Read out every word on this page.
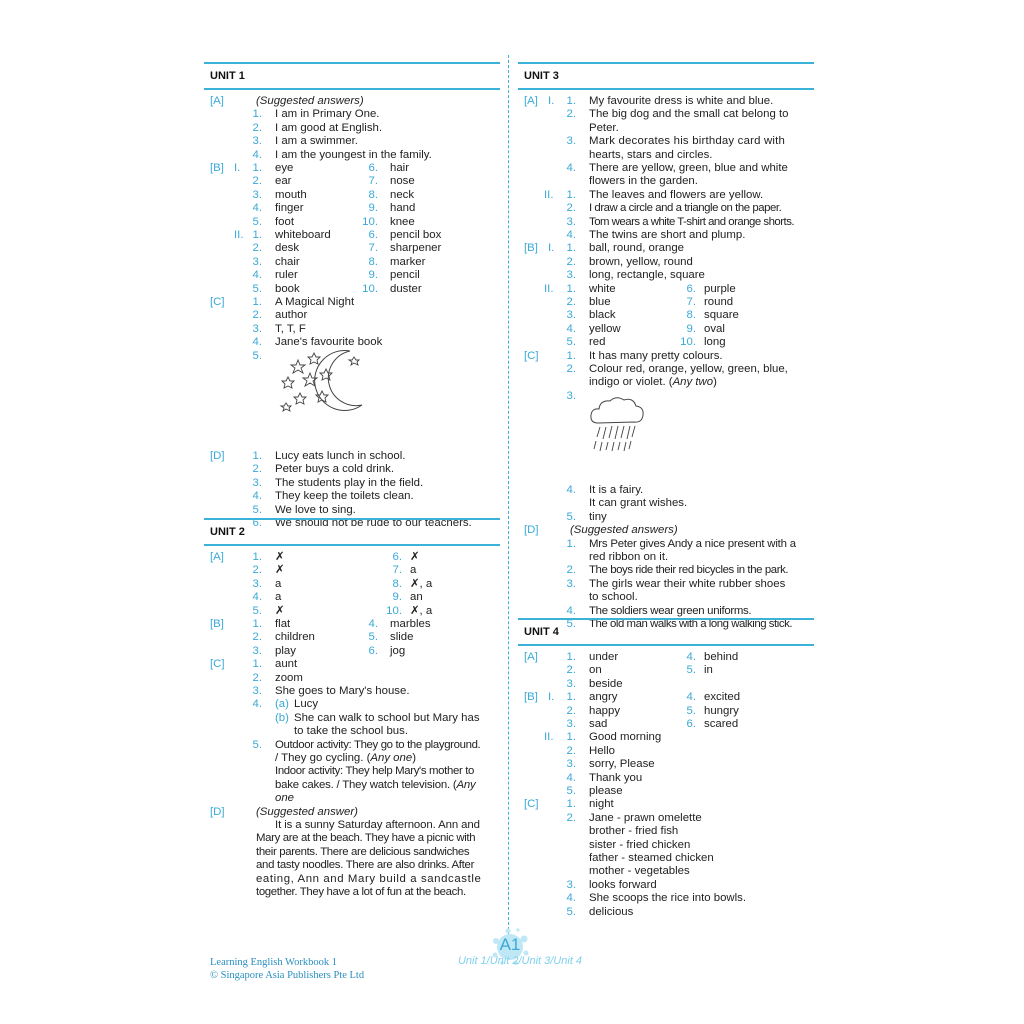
UNIT 1
[A]	(Suggested answers)
1. I am in Primary One.
2. I am good at English.
3. I am a swimmer.
4. I am the youngest in the family.
[B] I.	1. eye	6. hair
2. ear	7. nose
3. mouth	8. neck
4. finger	9. hand
5. foot	10. knee
II. 1. whiteboard	6. pencil box
2. desk	7. sharpener
3. chair	8. marker
4. ruler	9. pencil
5. book	10. duster
[C]	1. A Magical Night
2. author
3. T, T, F
4. Jane's favourite book
5.
[D]	1. Lucy eats lunch in school.
2. Peter buys a cold drink.
3. The students play in the field.
4. They keep the toilets clean.
5. We love to sing.
6. We should not be rude to our teachers.
UNIT 2
[A]	1. ✗	6. ✗
2. ✗	7. a
3. a	8. ✗, a
4. a	9. an
5. ✗	10. ✗, a
[B]	1. flat	4. marbles
2. children	5. slide
3. play	6. jog
[C]	1. aunt
2. zoom
3. She goes to Mary's house.
4. (a) Lucy
(b) She can walk to school but Mary has
to take the school bus.
5. Outdoor activity: They go to the playground.
/ They go cycling. (Any one)
Indoor activity: They help Mary's mother to
bake cakes. / They watch television. (Any
one
[D]	(Suggested answer)
It is a sunny Saturday afternoon. Ann and
Mary are at the beach. They have a picnic with
their parents. There are delicious sandwiches
and tasty noodles. There are also drinks. After
eating, Ann and Mary build a sandcastle
together. They have a lot of fun at the beach.
UNIT 3
[A] I.	1. My favourite dress is white and blue.
2. The big dog and the small cat belong to
Peter.
3. Mark decorates his birthday card with
hearts, stars and circles.
4. There are yellow, green, blue and white
flowers in the garden.
II.	1. The leaves and flowers are yellow.
2. I draw a circle and a triangle on the paper.
3. Tom wears a white T-shirt and orange shorts.
4. The twins are short and plump.
[B] I.	1. ball, round, orange
2. brown, yellow, round
3. long, rectangle, square
II.	1. white	6. purple
2. blue	7. round
3. black	8. square
4. yellow	9. oval
5. red	10. long
[C]	1. It has many pretty colours.
2. Colour red, orange, yellow, green, blue,
indigo or violet. (Any two)
3.
4. It is a fairy.
It can grant wishes.
5. tiny
[D]	(Suggested answers)
1. Mrs Peter gives Andy a nice present with a
red ribbon on it.
2. The boys ride their red bicycles in the park.
3. The girls wear their white rubber shoes
to school.
4. The soldiers wear green uniforms.
5. The old man walks with a long walking stick.
UNIT 4
[A]	1. under	4. behind
2. on	5. in
3. beside
[B] I.	1. angry	4. excited
2. happy	5. hungry
3. sad	6. scared
II.	1. Good morning
2. Hello
3. sorry, Please
4. Thank you
5. please
[C]	1. night
2. Jane - prawn omelette
brother - fried fish
sister - fried chicken
father - steamed chicken
mother - vegetables
3. looks forward
4. She scoops the rice into bowls.
5. delicious
Learning English Workbook 1
© Singapore Asia Publishers Pte Ltd
A1
Unit 1/Unit 2/Unit 3/Unit 4
